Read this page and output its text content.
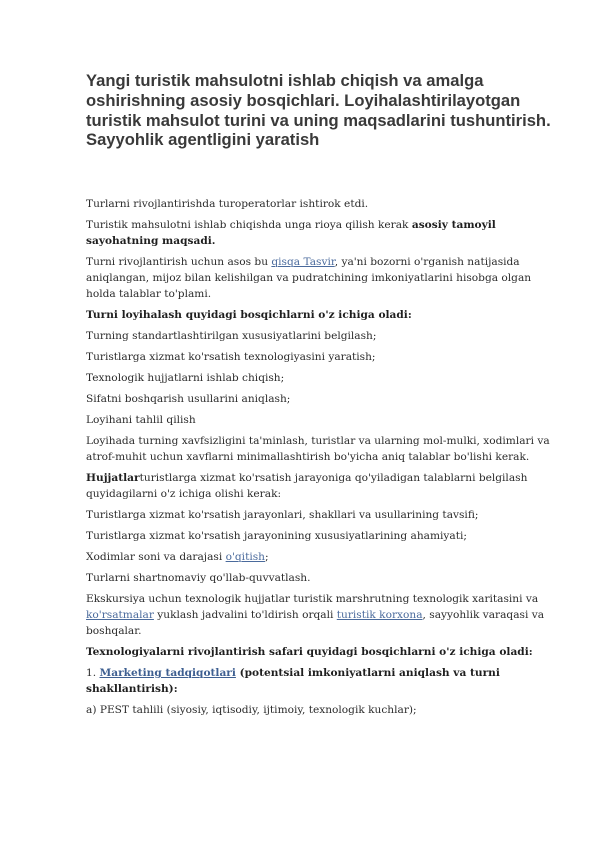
Yangi turistik mahsulotni ishlab chiqish va amalga oshirishning asosiy bosqichlari. Loyihalashtirilayotgan turistik mahsulot turini va uning maqsadlarini tushuntirish. Sayyohlik agentligini yaratish

Turlarni rivojlantirishda turoperatorlar ishtirok etdi.

Turistik mahsulotni ishlab chiqishda unga rioya qilish kerak asosiy tamoyil sayohatning maqsadi.

Turni rivojlantirish uchun asos bu qisqa Tasvir, ya'ni bozorni o'rganish natijasida aniqlangan, mijoz bilan kelishilgan va pudratchining imkoniyatlarini hisobga olgan holda talablar to'plami.

Turni loyihalash quyidagi bosqichlarni o'z ichiga oladi:

Turning standartlashtirilgan xususiyatlarini belgilash;

Turistlarga xizmat ko'rsatish texnologiyasini yaratish;

Texnologik hujjatlarni ishlab chiqish;

Sifatni boshqarish usullarini aniqlash;

Loyihani tahlil qilish

Loyihada turning xavfsizligini ta'minlash, turistlar va ularning mol-mulki, xodimlari va atrof-muhit uchun xavflarni minimallashtirish bo'yicha aniq talablar bo'lishi kerak.

Hujjatlarturistlarga xizmat ko'rsatish jarayoniga qo'yiladigan talablarni belgilash quyidagilarni o'z ichiga olishi kerak:

Turistlarga xizmat ko'rsatish jarayonlari, shakllari va usullarining tavsifi;

Turistlarga xizmat ko'rsatish jarayonining xususiyatlarining ahamiyati;

Xodimlar soni va darajasi o'qitish;

Turlarni shartnomaviy qo'llab-quvvatlash.

Ekskursiya uchun texnologik hujjatlar turistik marshrutning texnologik xaritasini va ko'rsatmalar yuklash jadvalini to'ldirish orqali turistik korxona, sayyohlik varaqasi va boshqalar.

Texnologiyalarni rivojlantirish safari quyidagi bosqichlarni o'z ichiga oladi:

1. Marketing tadqiqotlari (potentsial imkoniyatlarni aniqlash va turni shakllantirish):

a) PEST tahlili (siyosiy, iqtisodiy, ijtimoiy, texnologik kuchlar);
